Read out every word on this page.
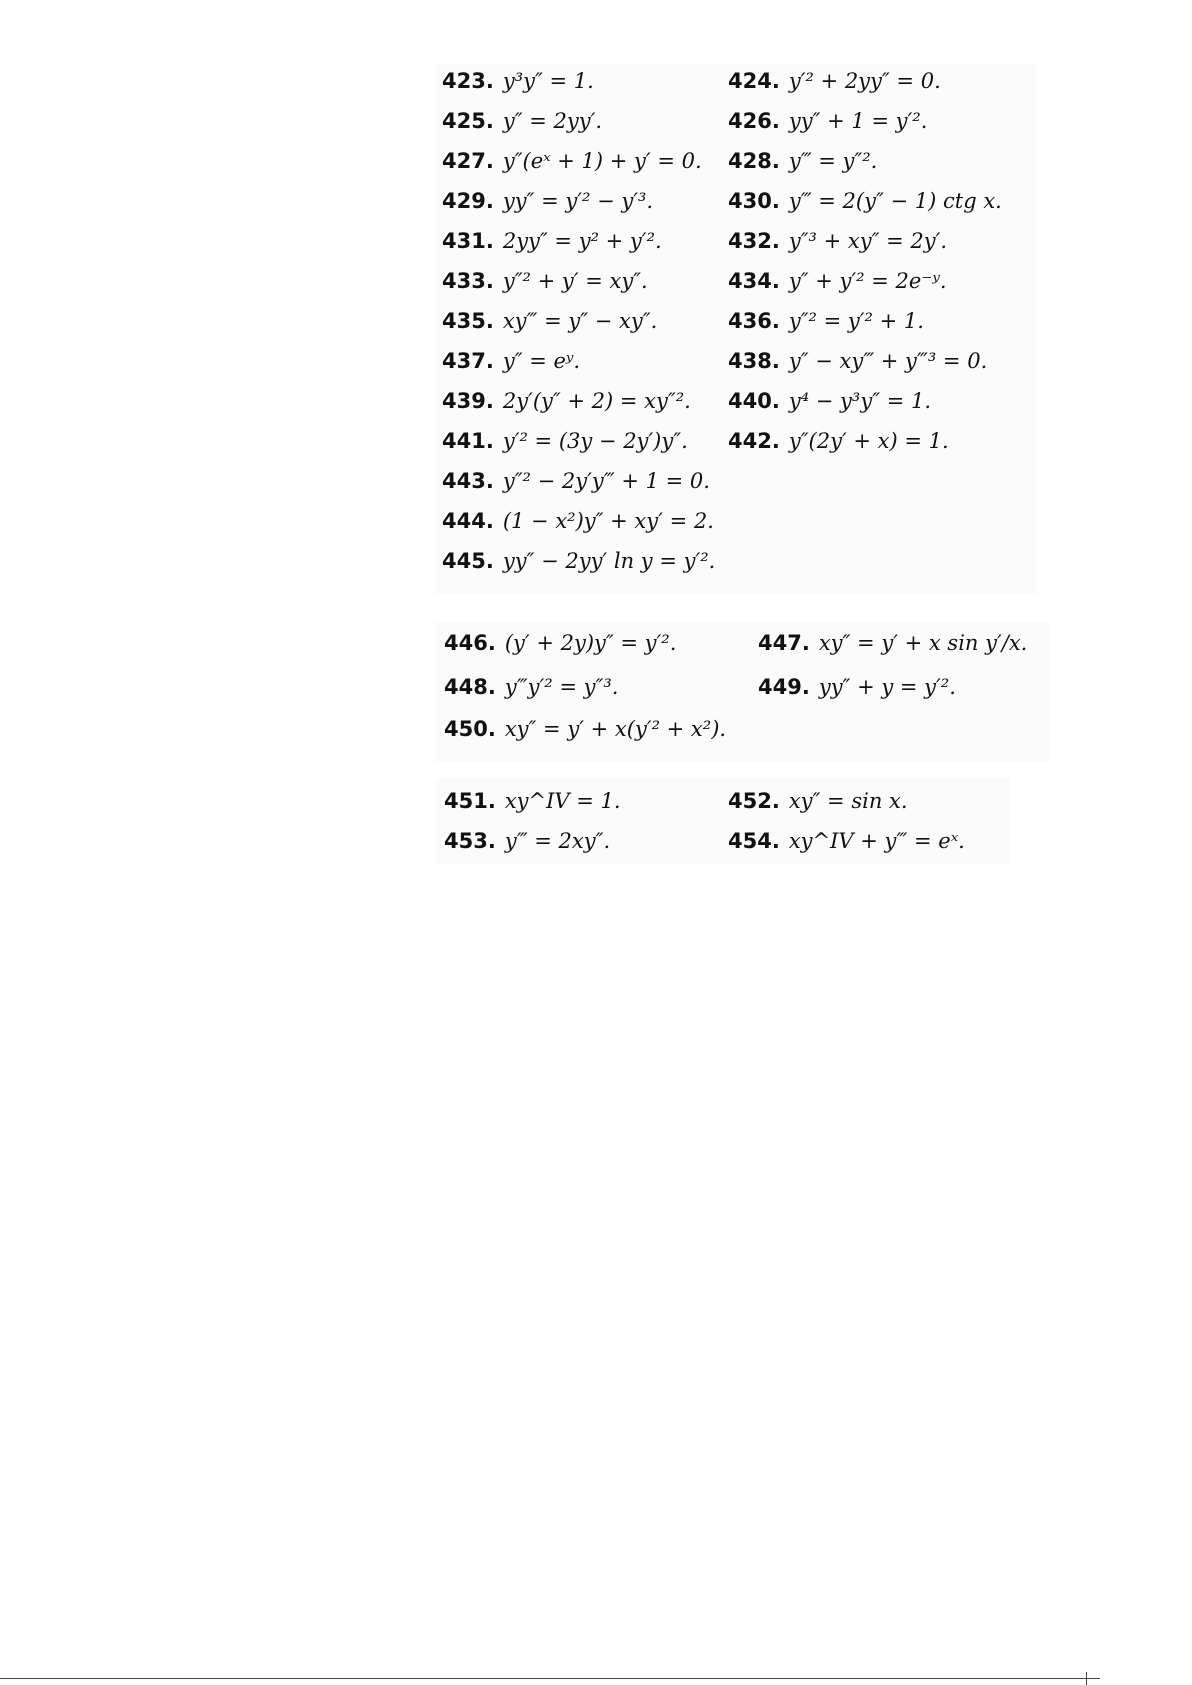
423. y³y″ = 1.	424. y′² + 2yy″ = 0.
425. y″ = 2yy′.	426. yy″ + 1 = y′².
427. y″(eˣ + 1) + y′ = 0. 428. y‴ = y″².
429. yy″ = y′² − y′³.	430. y‴ = 2(y″ − 1) ctg x.
431. 2yy″ = y² + y′².	432. y″³ + xy″ = 2y′.
433. y″² + y′ = xy″.	434. y″ + y′² = 2e⁻ʸ.
435. xy‴ = y″ − xy″.	436. y″² = y′² + 1.
437. y″ = eʸ.	438. y″ − xy‴ + y‴³ = 0.
439. 2y′(y″ + 2) = xy″². 440. y⁴ − y³y″ = 1.
441. y′² = (3y − 2y′)y″. 442. y″(2y′ + x) = 1.
443. y″² − 2y′y‴ + 1 = 0.
444. (1 − x²)y″ + xy′ = 2.
445. yy″ − 2yy′ ln y = y′².
446. (y′ + 2y)y″ = y′².	447. xy″ = y′ + x sin y′/x.
448. y‴y′² = y″³.	449. yy″ + y = y′².
450. xy″ = y′ + x(y′² + x²).
451. xy^IV = 1.	452. xy″ = sin x.
453. y‴ = 2xy″.	454. xy^IV + y‴ = eˣ.
